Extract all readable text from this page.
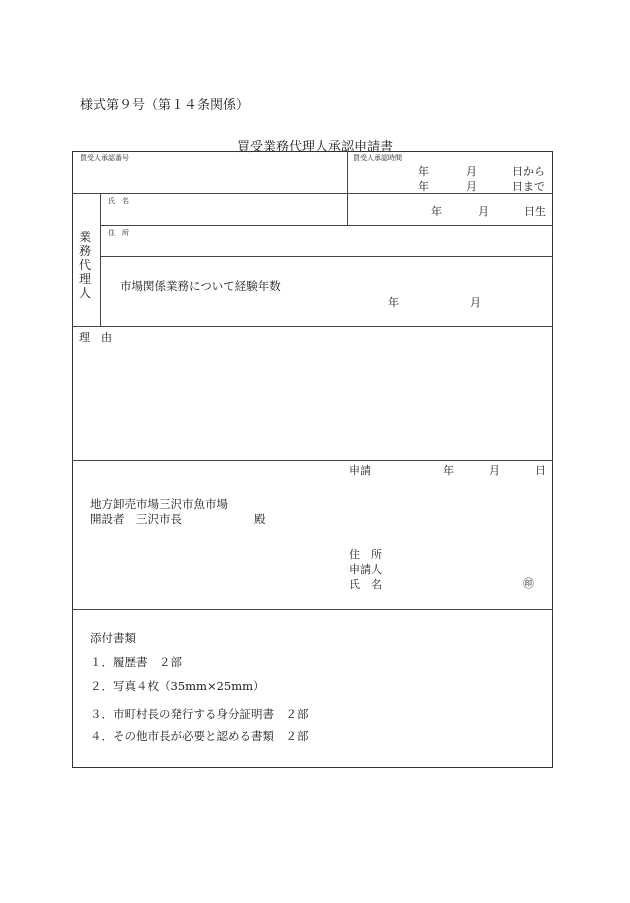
様式第９号（第１４条関係）
買受業務代理人承認申請書
買受人承認番号	買受人承認時間
年	月	日から
年	月	日まで
業務代理人
氏　名
年	月	日生
住　所
市場関係業務について経験年数
年	月
理　由
申請	年	月	日
地方卸売市場三沢市魚市場
開設者　三沢市長	殿
住　所
申請人
氏　名	㊞
添付書類
１．履歴書　２部
２．写真４枚（35mm×25mm）
３．市町村長の発行する身分証明書　２部
４．その他市長が必要と認める書類　２部
